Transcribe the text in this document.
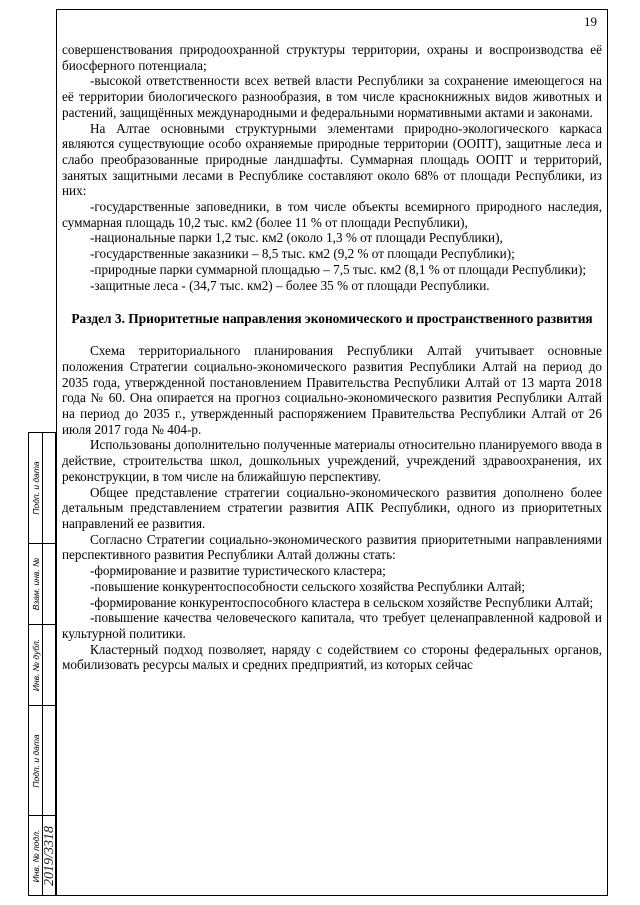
19

совершенствования природоохранной структуры территории, охраны и воспроизводства её биосферного потенциала;

-высокой ответственности всех ветвей власти Республики за сохранение имеющегося на её территории биологического разнообразия, в том числе краснокнижных видов животных и растений, защищённых международными и федеральными нормативными актами и законами.

На Алтае основными структурными элементами природно-экологического каркаса являются существующие особо охраняемые природные территории (ООПТ), защитные леса и слабо преобразованные природные ландшафты. Суммарная площадь ООПТ и территорий, занятых защитными лесами в Республике составляют около 68% от площади Республики, из них:

-государственные заповедники, в том числе объекты всемирного природного наследия, суммарная площадь 10,2 тыс. км2 (более 11 % от площади Республики),

-национальные парки 1,2 тыс. км2 (около 1,3 % от площади Республики),

-государственные заказники – 8,5 тыс. км2 (9,2 % от площади Республики);

-природные парки суммарной площадью – 7,5 тыс. км2 (8,1 % от площади Республики);

-защитные леса - (34,7 тыс. км2) – более 35 % от площади Республики.

Раздел 3. Приоритетные направления экономического и пространственного развития

Схема территориального планирования Республики Алтай учитывает основные положения Стратегии социально-экономического развития Республики Алтай на период до 2035 года, утвержденной постановлением Правительства Республики Алтай от 13 марта 2018 года № 60. Она опирается на прогноз социально-экономического развития Республики Алтай на период до 2035 г., утвержденный распоряжением Правительства Республики Алтай от 26 июля 2017 года № 404-р.

Использованы дополнительно полученные материалы относительно планируемого ввода в действие, строительства школ, дошкольных учреждений, учреждений здравоохранения, их реконструкции, в том числе на ближайшую перспективу.

Общее представление стратегии социально-экономического развития дополнено более детальным представлением стратегии развития АПК Республики, одного из приоритетных направлений ее развития.

Согласно Стратегии социально-экономического развития приоритетными направлениями перспективного развития Республики Алтай должны стать:

-формирование и развитие туристического кластера;

-повышение конкурентоспособности сельского хозяйства Республики Алтай;

-формирование конкурентоспособного кластера в сельском хозяйстве Республики Алтай;

-повышение качества человеческого капитала, что требует целенаправленной кадровой и культурной политики.

Кластерный подход позволяет, наряду с содействием со стороны федеральных органов, мобилизовать ресурсы малых и средних предприятий, из которых сейчас

Подп. и дата
Взам. инв. №
Инв. № дубл.
Подп. и дата
Инв. № подл. 2019/3318
